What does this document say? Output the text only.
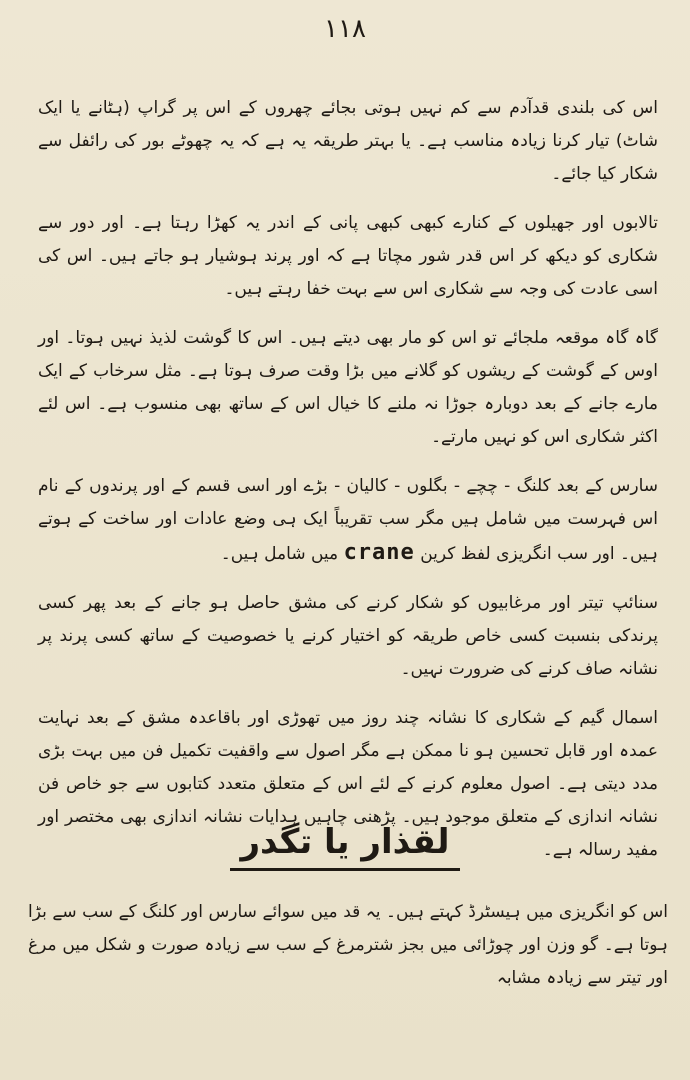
١١٨

اس کی بلندی قدآدم سے کم نہیں ہوتی بجائے چھروں کے اس پر گراپ (ہٹانے یا ایک شاٹ) تیار کرنا زیادہ مناسب ہے۔ یا بہتر طریقہ یہ ہے کہ یہ چھوٹے بور کی رائفل سے شکار کیا جائے۔

تالابوں اور جھیلوں کے کنارے کبھی کبھی پانی کے اندر یہ کھڑا رہتا ہے۔ اور دور سے شکاری کو دیکھ کر اس قدر شور مچاتا ہے کہ اور پرند ہوشیار ہو جاتے ہیں۔ اس کی اسی عادت کی وجہ سے شکاری اس سے بہت خفا رہتے ہیں۔

گاہ گاہ موقعہ ملجائے تو اس کو مار بھی دیتے ہیں۔ اس کا گوشت لذیذ نہیں ہوتا۔ اور اوس کے گوشت کے ریشوں کو گلانے میں بڑا وقت صرف ہوتا ہے۔ مثل سرخاب کے ایک مارے جانے کے بعد دوبارہ جوڑا نہ ملنے کا خیال اس کے ساتھ بھی منسوب ہے۔ اس لئے اکثر شکاری اس کو نہیں مارتے۔

سارس کے بعد کلنگ - چچے - بگلوں - کالیان - بڑے اور اسی قسم کے اور پرندوں کے نام اس فہرست میں شامل ہیں مگر سب تقریباً ایک ہی وضع عادات اور ساخت کے ہوتے ہیں۔ اور سب انگریزی لفظ کرین crane میں شامل ہیں۔

سنائپ تیتر اور مرغابیوں کو شکار کرنے کی مشق حاصل ہو جانے کے بعد پھر کسی پرندکی بنسبت کسی خاص طریقہ کو اختیار کرنے یا خصوصیت کے ساتھ کسی پرند پر نشانہ صاف کرنے کی ضرورت نہیں۔

اسمال گیم کے شکاری کا نشانہ چند روز میں تھوڑی اور باقاعدہ مشق کے بعد نہایت عمدہ اور قابل تحسین ہو نا ممکن ہے مگر اصول سے واقفیت تکمیل فن میں بہت بڑی مدد دیتی ہے۔ اصول معلوم کرنے کے لئے اس کے متعلق متعدد کتابوں سے جو خاص فن نشانہ اندازی کے متعلق موجود ہیں۔ پڑھنی چاہیں ہدایات نشانہ اندازی بھی مختصر اور مفید رسالہ ہے۔

لقذار یا تگدر

اس کو انگریزی میں ہیسٹرڈ کہتے ہیں۔ یہ قد میں سوائے سارس اور کلنگ کے سب سے بڑا ہوتا ہے۔ گو وزن اور چوڑائی میں بجز شترمرغ کے سب سے زیادہ صورت و شکل میں مرغ اور تیتر سے زیادہ مشابہ
